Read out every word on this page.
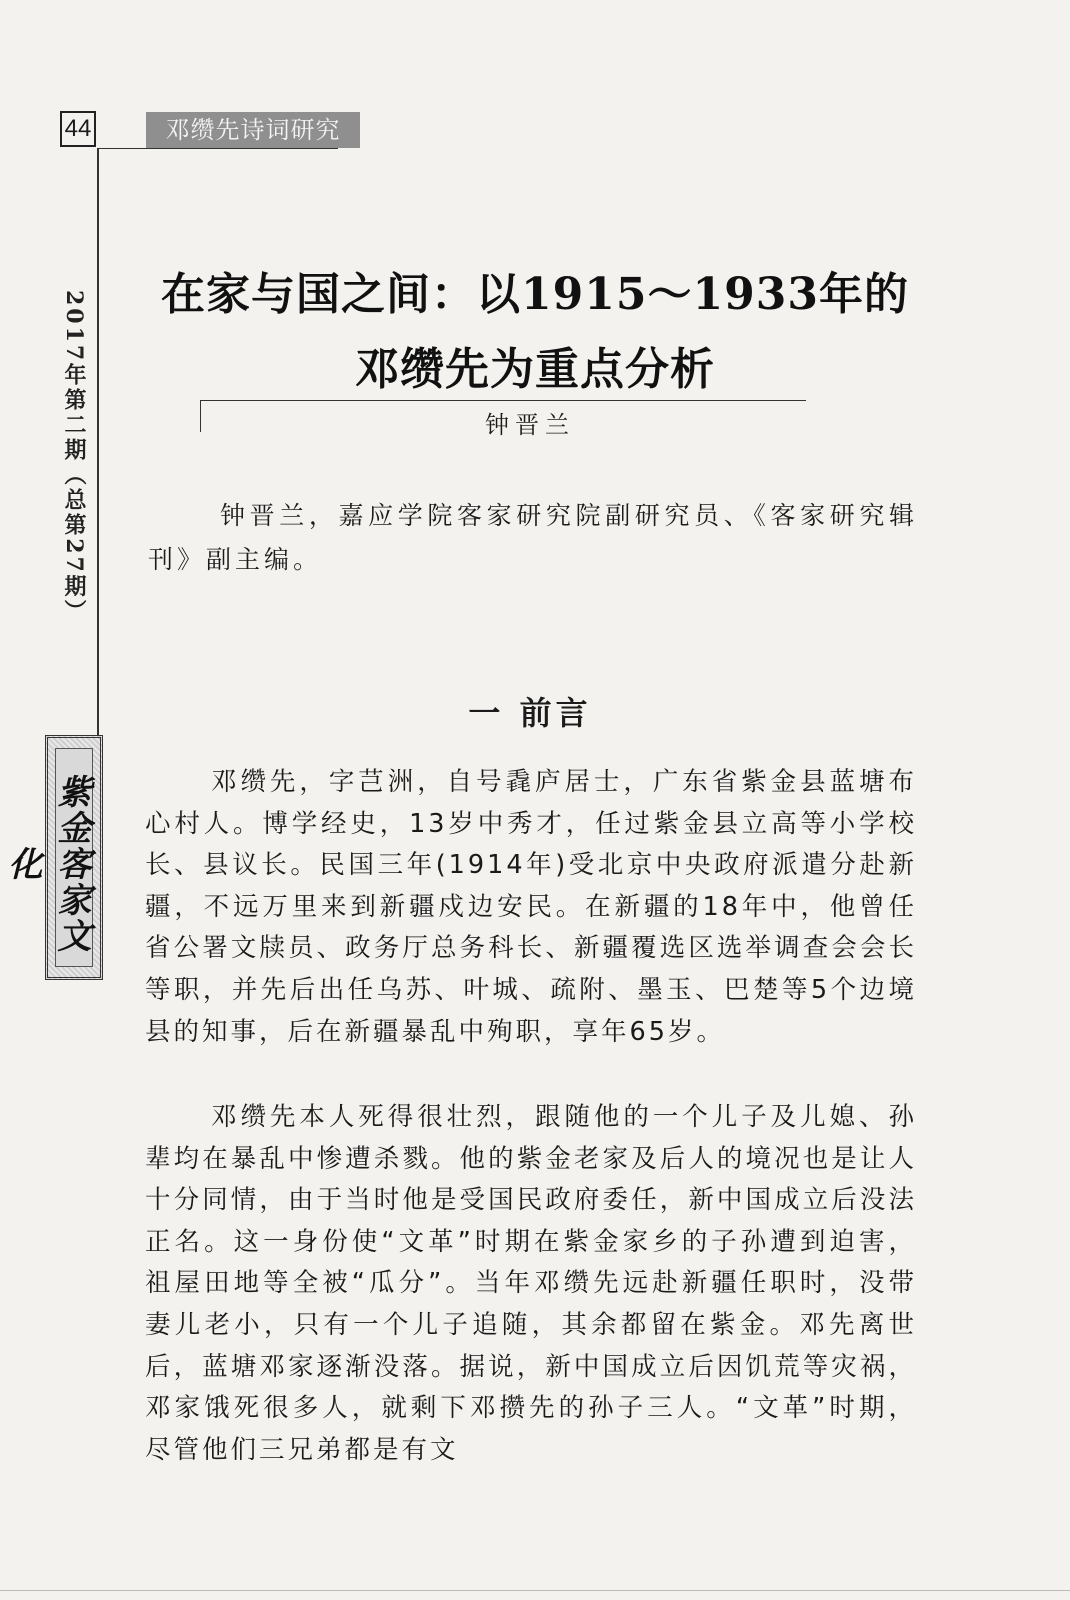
44	邓缵先诗词研究
2017年第二期（总第27期）
紫金客家文化
在家与国之间：以1915～1933年的
邓缵先为重点分析
钟晋兰

钟晋兰，嘉应学院客家研究院副研究员、《客家研究辑刊》副主编。

一 前言

邓缵先，字芑洲，自号毳庐居士，广东省紫金县蓝塘布心村人。博学经史，13岁中秀才，任过紫金县立高等小学校长、县议长。民国三年(1914年)受北京中央政府派遣分赴新疆，不远万里来到新疆戍边安民。在新疆的18年中，他曾任省公署文牍员、政务厅总务科长、新疆覆选区选举调查会会长等职，并先后出任乌苏、叶城、疏附、墨玉、巴楚等5个边境县的知事，后在新疆暴乱中殉职，享年65岁。

邓缵先本人死得很壮烈，跟随他的一个儿子及儿媳、孙辈均在暴乱中惨遭杀戮。他的紫金老家及后人的境况也是让人十分同情，由于当时他是受国民政府委任，新中国成立后没法正名。这一身份使“文革”时期在紫金家乡的子孙遭到迫害，祖屋田地等全被“瓜分”。当年邓缵先远赴新疆任职时，没带妻儿老小，只有一个儿子追随，其余都留在紫金。邓先离世后，蓝塘邓家逐渐没落。据说，新中国成立后因饥荒等灾祸，邓家饿死很多人，就剩下邓攒先的孙子三人。“文革”时期，尽管他们三兄弟都是有文
